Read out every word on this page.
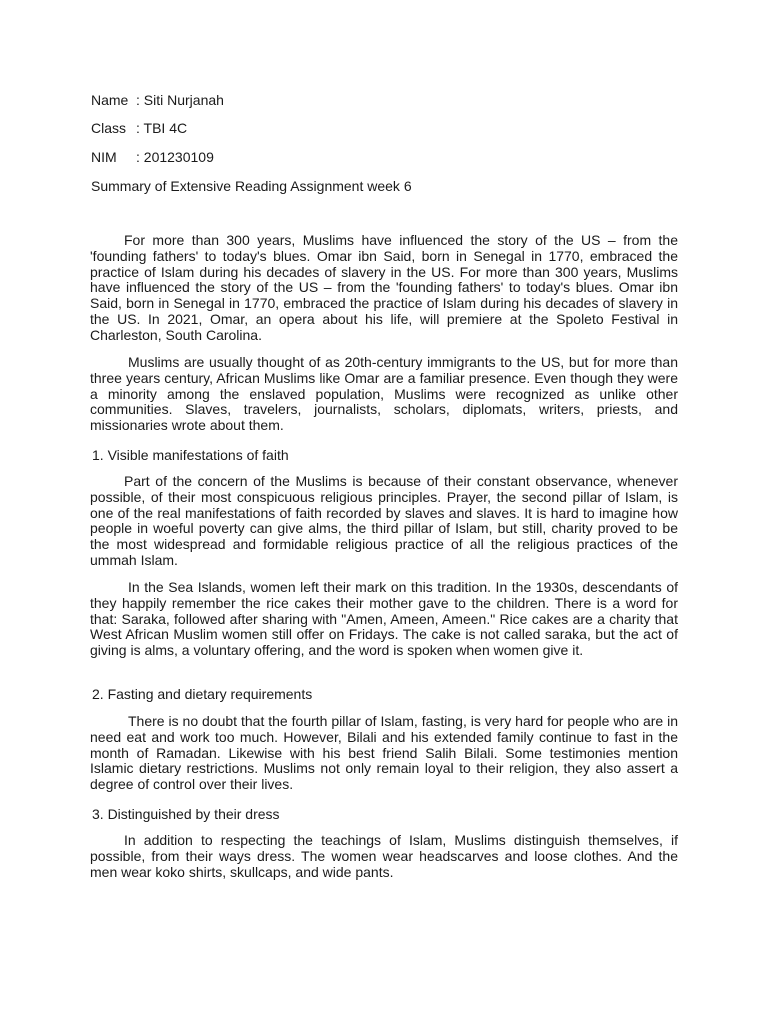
Name : Siti Nurjanah
Class : TBI 4C
NIM : 201230109
Summary of Extensive Reading Assignment week 6

For more than 300 years, Muslims have influenced the story of the US – from the 'founding fathers' to today's blues. Omar ibn Said, born in Senegal in 1770, embraced the practice of Islam during his decades of slavery in the US. For more than 300 years, Muslims have influenced the story of the US – from the 'founding fathers' to today's blues. Omar ibn Said, born in Senegal in 1770, embraced the practice of Islam during his decades of slavery in the US. In 2021, Omar, an opera about his life, will premiere at the Spoleto Festival in Charleston, South Carolina.

Muslims are usually thought of as 20th-century immigrants to the US, but for more than three years century, African Muslims like Omar are a familiar presence. Even though they were a minority among the enslaved population, Muslims were recognized as unlike other communities. Slaves, travelers, journalists, scholars, diplomats, writers, priests, and missionaries wrote about them.

1. Visible manifestations of faith

Part of the concern of the Muslims is because of their constant observance, whenever possible, of their most conspicuous religious principles. Prayer, the second pillar of Islam, is one of the real manifestations of faith recorded by slaves and slaves. It is hard to imagine how people in woeful poverty can give alms, the third pillar of Islam, but still, charity proved to be the most widespread and formidable religious practice of all the religious practices of the ummah Islam.

In the Sea Islands, women left their mark on this tradition. In the 1930s, descendants of they happily remember the rice cakes their mother gave to the children. There is a word for that: Saraka, followed after sharing with "Amen, Ameen, Ameen." Rice cakes are a charity that West African Muslim women still offer on Fridays. The cake is not called saraka, but the act of giving is alms, a voluntary offering, and the word is spoken when women give it.

2. Fasting and dietary requirements

There is no doubt that the fourth pillar of Islam, fasting, is very hard for people who are in need eat and work too much. However, Bilali and his extended family continue to fast in the month of Ramadan. Likewise with his best friend Salih Bilali. Some testimonies mention Islamic dietary restrictions. Muslims not only remain loyal to their religion, they also assert a degree of control over their lives.

3. Distinguished by their dress

In addition to respecting the teachings of Islam, Muslims distinguish themselves, if possible, from their ways dress. The women wear headscarves and loose clothes. And the men wear koko shirts, skullcaps, and wide pants.
